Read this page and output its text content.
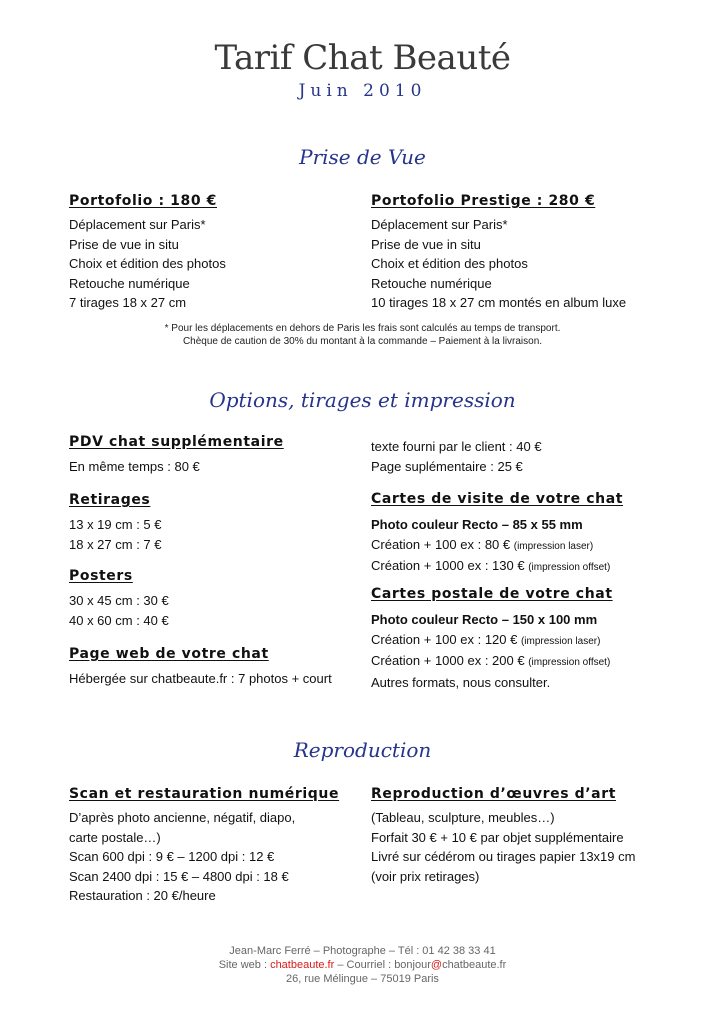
Tarif Chat Beauté
Juin 2010
Prise de Vue
Portofolio : 180 €
Déplacement sur Paris*
Prise de vue in situ
Choix et édition des photos
Retouche numérique
7 tirages 18 x 27 cm
Portofolio Prestige : 280 €
Déplacement sur Paris*
Prise de vue in situ
Choix et édition des photos
Retouche numérique
10 tirages 18 x 27 cm montés en album luxe
* Pour les déplacements en dehors de Paris les frais sont calculés au temps de transport.
Chèque de caution de 30% du montant à la commande – Paiement à la livraison.
Options, tirages et impression
PDV chat supplémentaire
En même temps : 80 €
Retirages
13 x 19 cm : 5 €
18 x 27 cm : 7 €
Posters
30 x 45 cm : 30 €
40 x 60 cm : 40 €
Page web de votre chat
Hébergée sur chatbeaute.fr : 7 photos + court
texte fourni par le client : 40 €
Page suplémentaire : 25 €
Cartes de visite de votre chat
Photo couleur Recto – 85 x 55 mm
Création + 100 ex : 80 € (impression laser)
Création + 1000 ex : 130 € (impression offset)
Cartes postale de votre chat
Photo couleur Recto – 150 x 100 mm
Création + 100 ex : 120 € (impression laser)
Création + 1000 ex : 200 € (impression offset)
Autres formats, nous consulter.
Reproduction
Scan et restauration numérique
D’après photo ancienne, négatif, diapo,
carte postale…)
Scan 600 dpi : 9 € – 1200 dpi : 12 €
Scan 2400 dpi : 15 € – 4800 dpi : 18 €
Restauration : 20 €/heure
Reproduction d’œuvres d’art
(Tableau, sculpture, meubles…)
Forfait 30 € + 10 € par objet supplémentaire
Livré sur cédérom ou tirages papier 13x19 cm
(voir prix retirages)
Jean-Marc Ferré – Photographe – Tél : 01 42 38 33 41
Site web : chatbeaute.fr – Courriel : bonjour@chatbeaute.fr
26, rue Mélingue – 75019 Paris
